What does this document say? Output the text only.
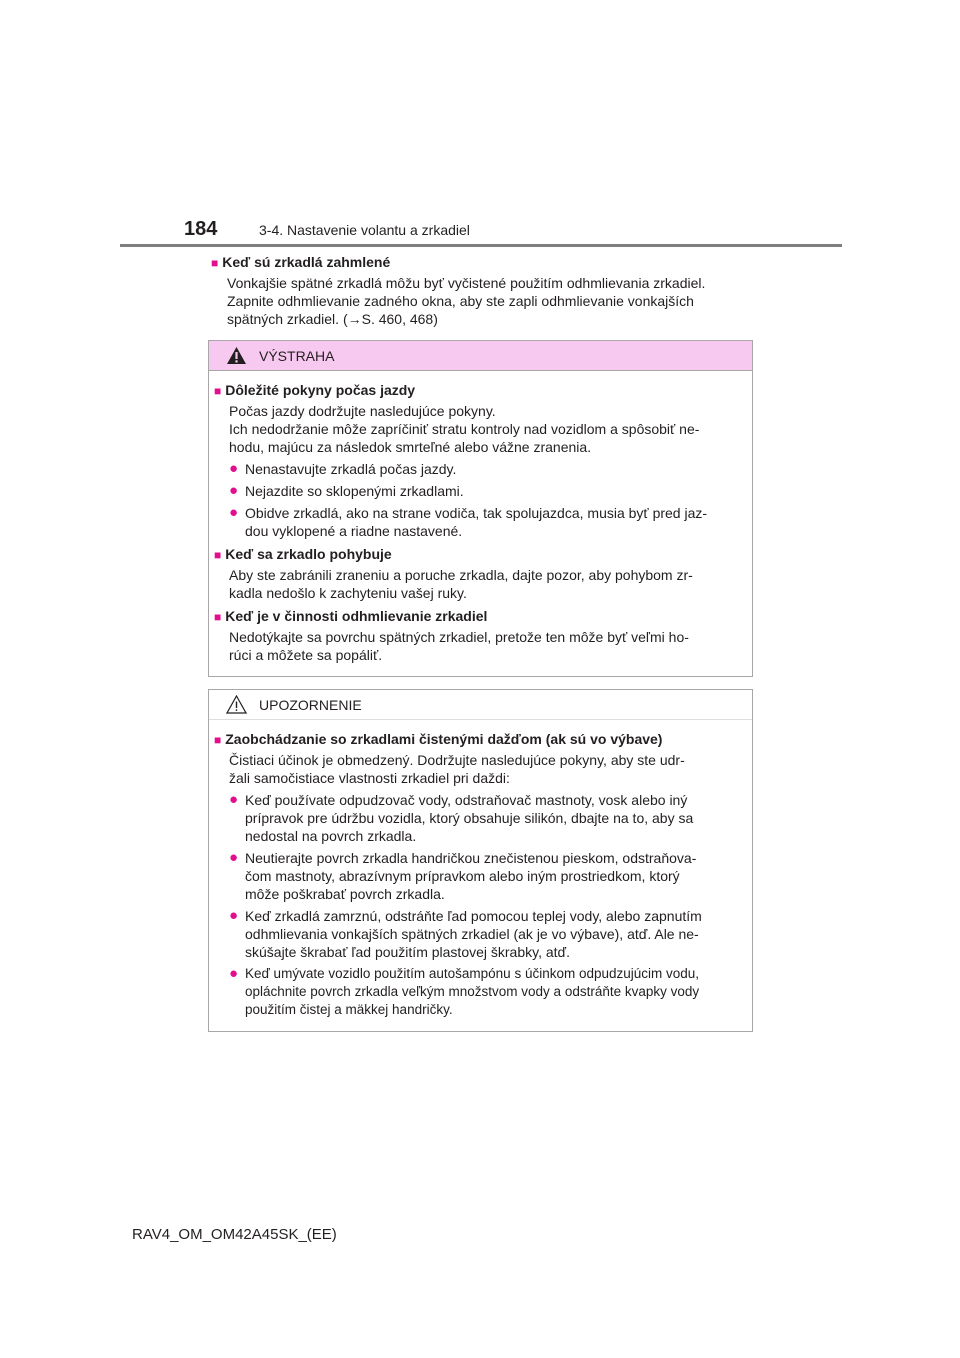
184	3-4. Nastavenie volantu a zrkadiel
■ Keď sú zrkadlá zahmlené
Vonkajšie spätné zrkadlá môžu byť vyčistené použitím odhmlievania zrkadiel.
Zapnite odhmlievanie zadného okna, aby ste zapli odhmlievanie vonkajších
spätných zrkadiel. (→S. 460, 468)
VÝSTRAHA
■ Dôležité pokyny počas jazdy
Počas jazdy dodržujte nasledujúce pokyny.
Ich nedodržanie môže zapríčiniť stratu kontroly nad vozidlom a spôsobiť ne-
hodu, majúcu za následok smrteľné alebo vážne zranenia.
● Nenastavujte zrkadlá počas jazdy.
● Nejazdite so sklopenými zrkadlami.
● Obidve zrkadlá, ako na strane vodiča, tak spolujazdca, musia byť pred jaz-
dou vyklopené a riadne nastavené.
■ Keď sa zrkadlo pohybuje
Aby ste zabránili zraneniu a poruche zrkadla, dajte pozor, aby pohybom zr-
kadla nedošlo k zachyteniu vašej ruky.
■ Keď je v činnosti odhmlievanie zrkadiel
Nedotýkajte sa povrchu spätných zrkadiel, pretože ten môže byť veľmi ho-
rúci a môžete sa popáliť.
UPOZORNENIE
■ Zaobchádzanie so zrkadlami čistenými dažďom (ak sú vo výbave)
Čistiaci účinok je obmedzený. Dodržujte nasledujúce pokyny, aby ste udr-
žali samočistiace vlastnosti zrkadiel pri daždi:
● Keď používate odpudzovač vody, odstraňovač mastnoty, vosk alebo iný
prípravok pre údržbu vozidla, ktorý obsahuje silikón, dbajte na to, aby sa
nedostal na povrch zrkadla.
● Neutierajte povrch zrkadla handričkou znečistenou pieskom, odstraňova-
čom mastnoty, abrazívnym prípravkom alebo iným prostriedkom, ktorý
môže poškrabať povrch zrkadla.
● Keď zrkadlá zamrznú, odstráňte ľad pomocou teplej vody, alebo zapnutím
odhmlievania vonkajších spätných zrkadiel (ak je vo výbave), atď. Ale ne-
skúšajte škrabať ľad použitím plastovej škrabky, atď.
● Keď umývate vozidlo použitím autošampónu s účinkom odpudzujúcim vodu,
opláchnite povrch zrkadla veľkým množstvom vody a odstráňte kvapky vody
použitím čistej a mäkkej handričky.
RAV4_OM_OM42A45SK_(EE)
